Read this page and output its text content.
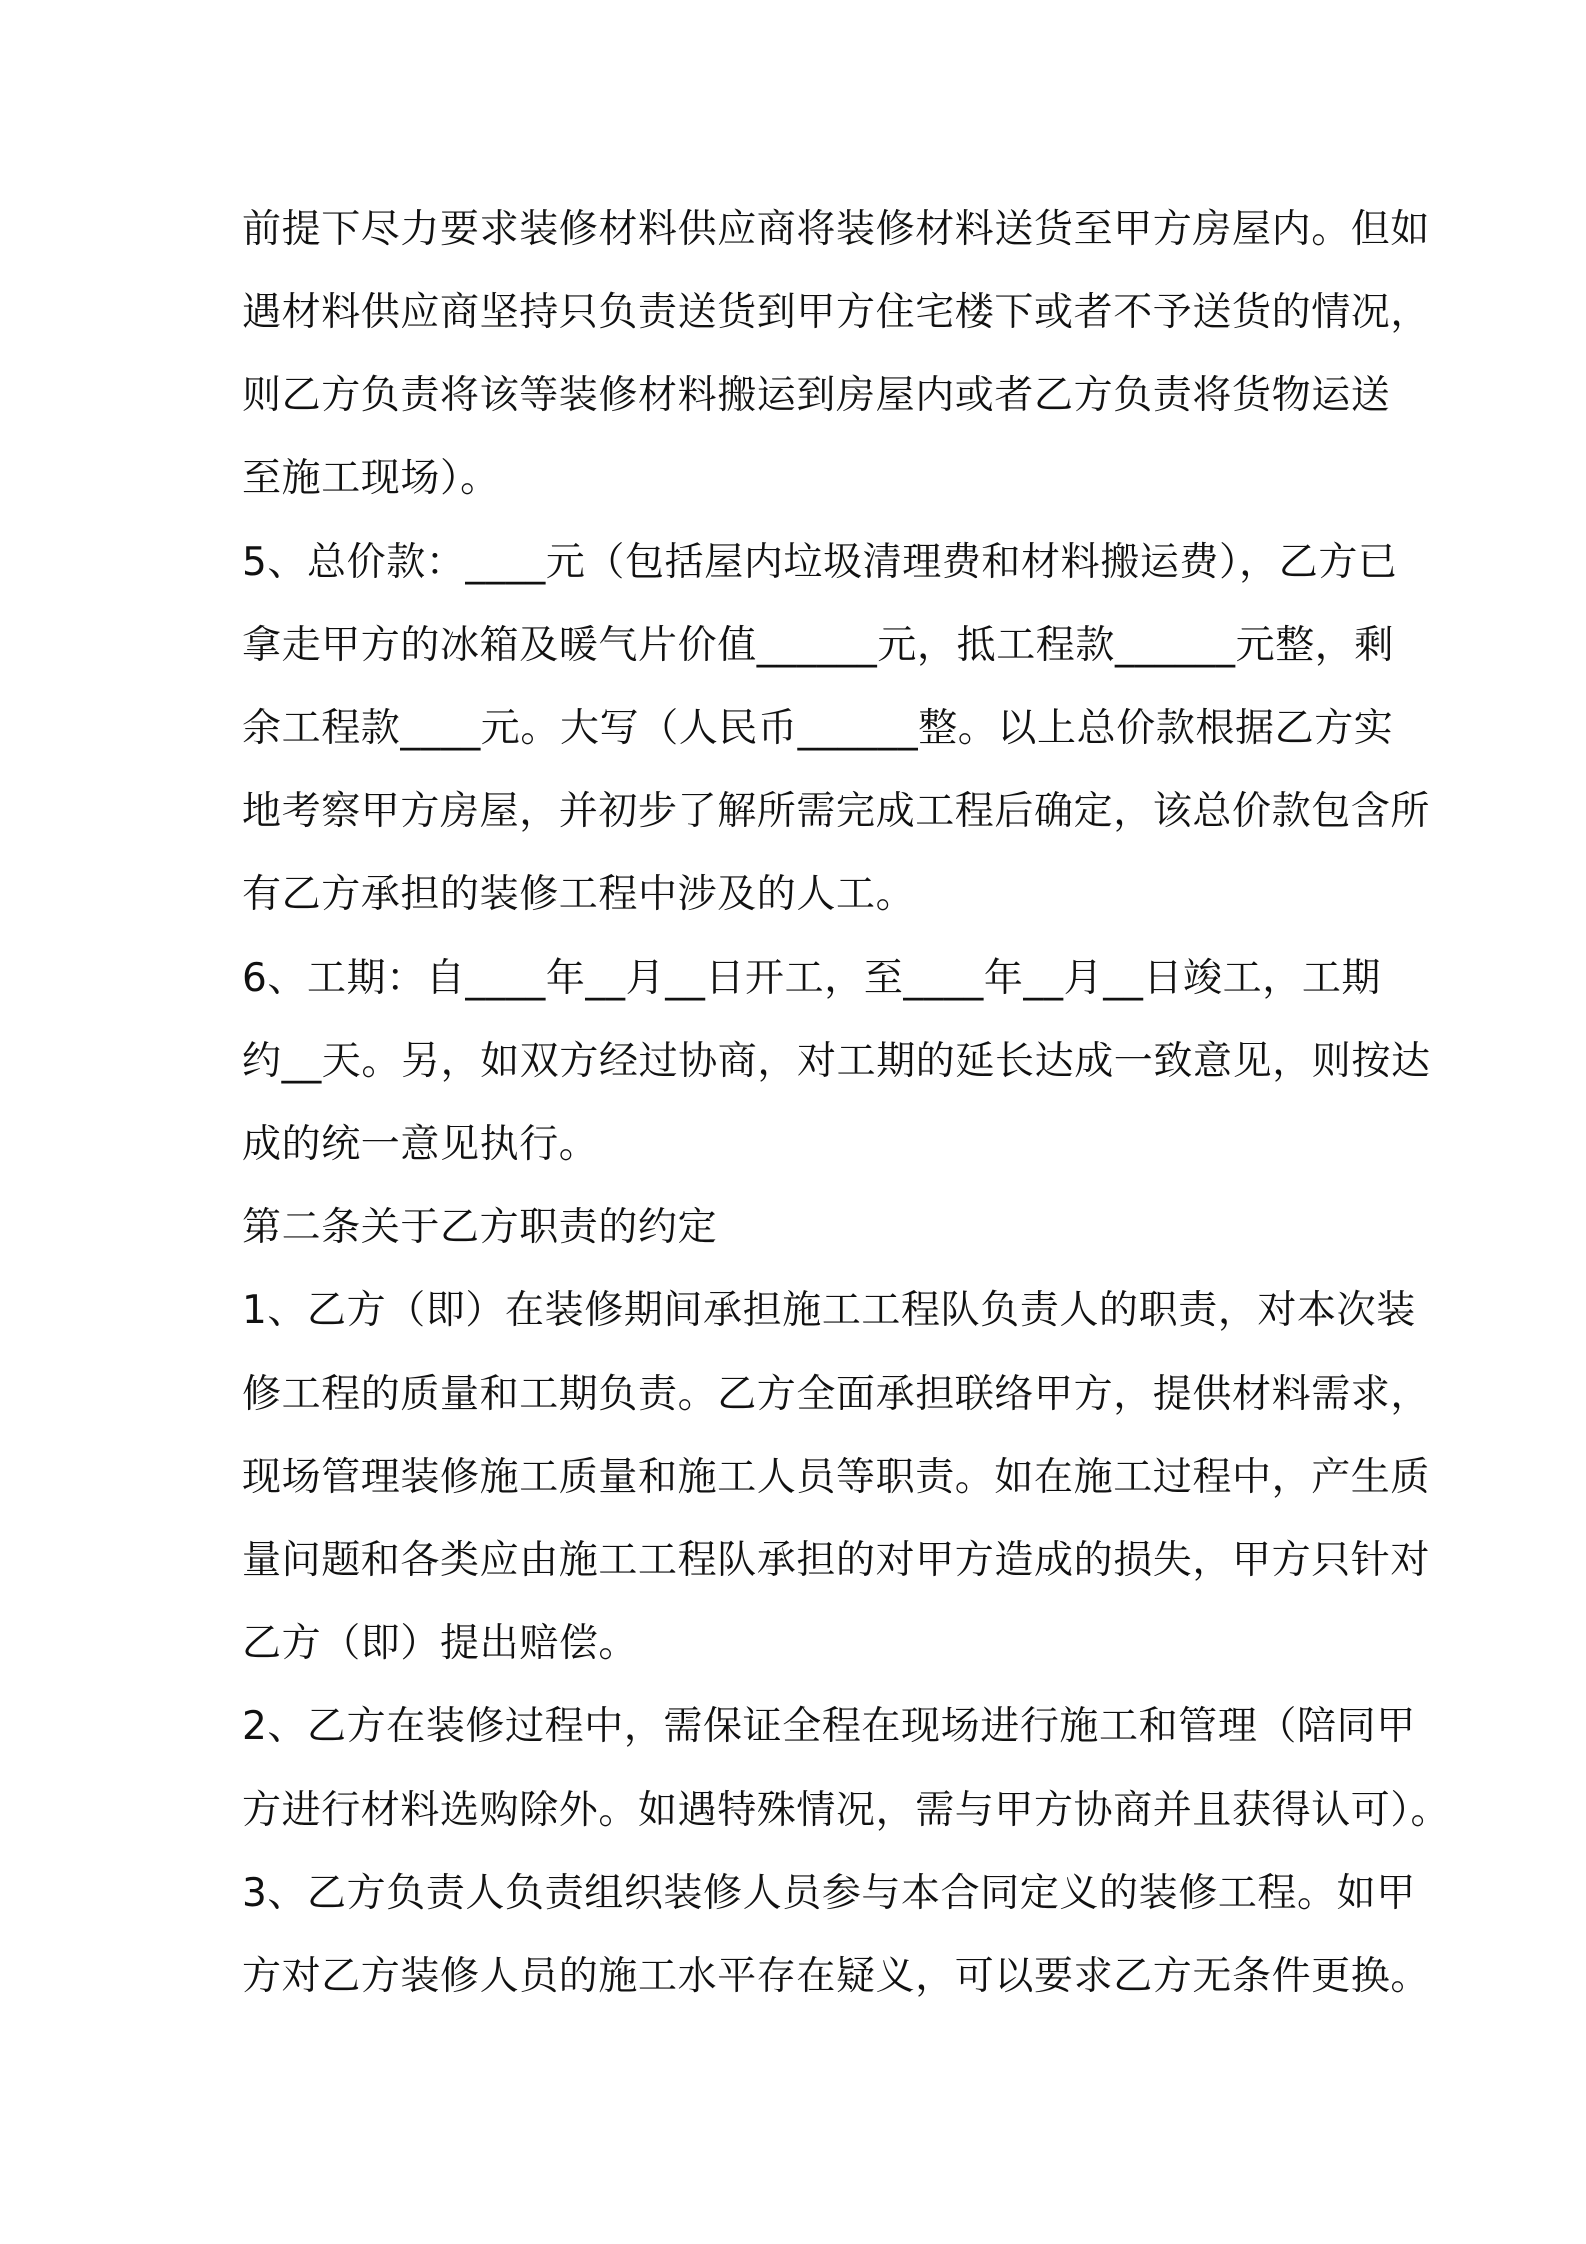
前提下尽力要求装修材料供应商将装修材料送货至甲方房屋内。但如
遇材料供应商坚持只负责送货到甲方住宅楼下或者不予送货的情况，
则乙方负责将该等装修材料搬运到房屋内或者乙方负责将货物运送
至施工现场）。
5、总价款：____元（包括屋内垃圾清理费和材料搬运费），乙方已
拿走甲方的冰箱及暖气片价值______元，抵工程款______元整，剩
余工程款____元。大写（人民币______整。以上总价款根据乙方实
地考察甲方房屋，并初步了解所需完成工程后确定，该总价款包含所
有乙方承担的装修工程中涉及的人工。
6、工期：自____年__月__日开工，至____年__月__日竣工，工期
约__天。另，如双方经过协商，对工期的延长达成一致意见，则按达
成的统一意见执行。
第二条关于乙方职责的约定
1、乙方（即）在装修期间承担施工工程队负责人的职责，对本次装
修工程的质量和工期负责。乙方全面承担联络甲方，提供材料需求，
现场管理装修施工质量和施工人员等职责。如在施工过程中，产生质
量问题和各类应由施工工程队承担的对甲方造成的损失，甲方只针对
乙方（即）提出赔偿。
2、乙方在装修过程中，需保证全程在现场进行施工和管理（陪同甲
方进行材料选购除外。如遇特殊情况，需与甲方协商并且获得认可）。
3、乙方负责人负责组织装修人员参与本合同定义的装修工程。如甲
方对乙方装修人员的施工水平存在疑义，可以要求乙方无条件更换。
